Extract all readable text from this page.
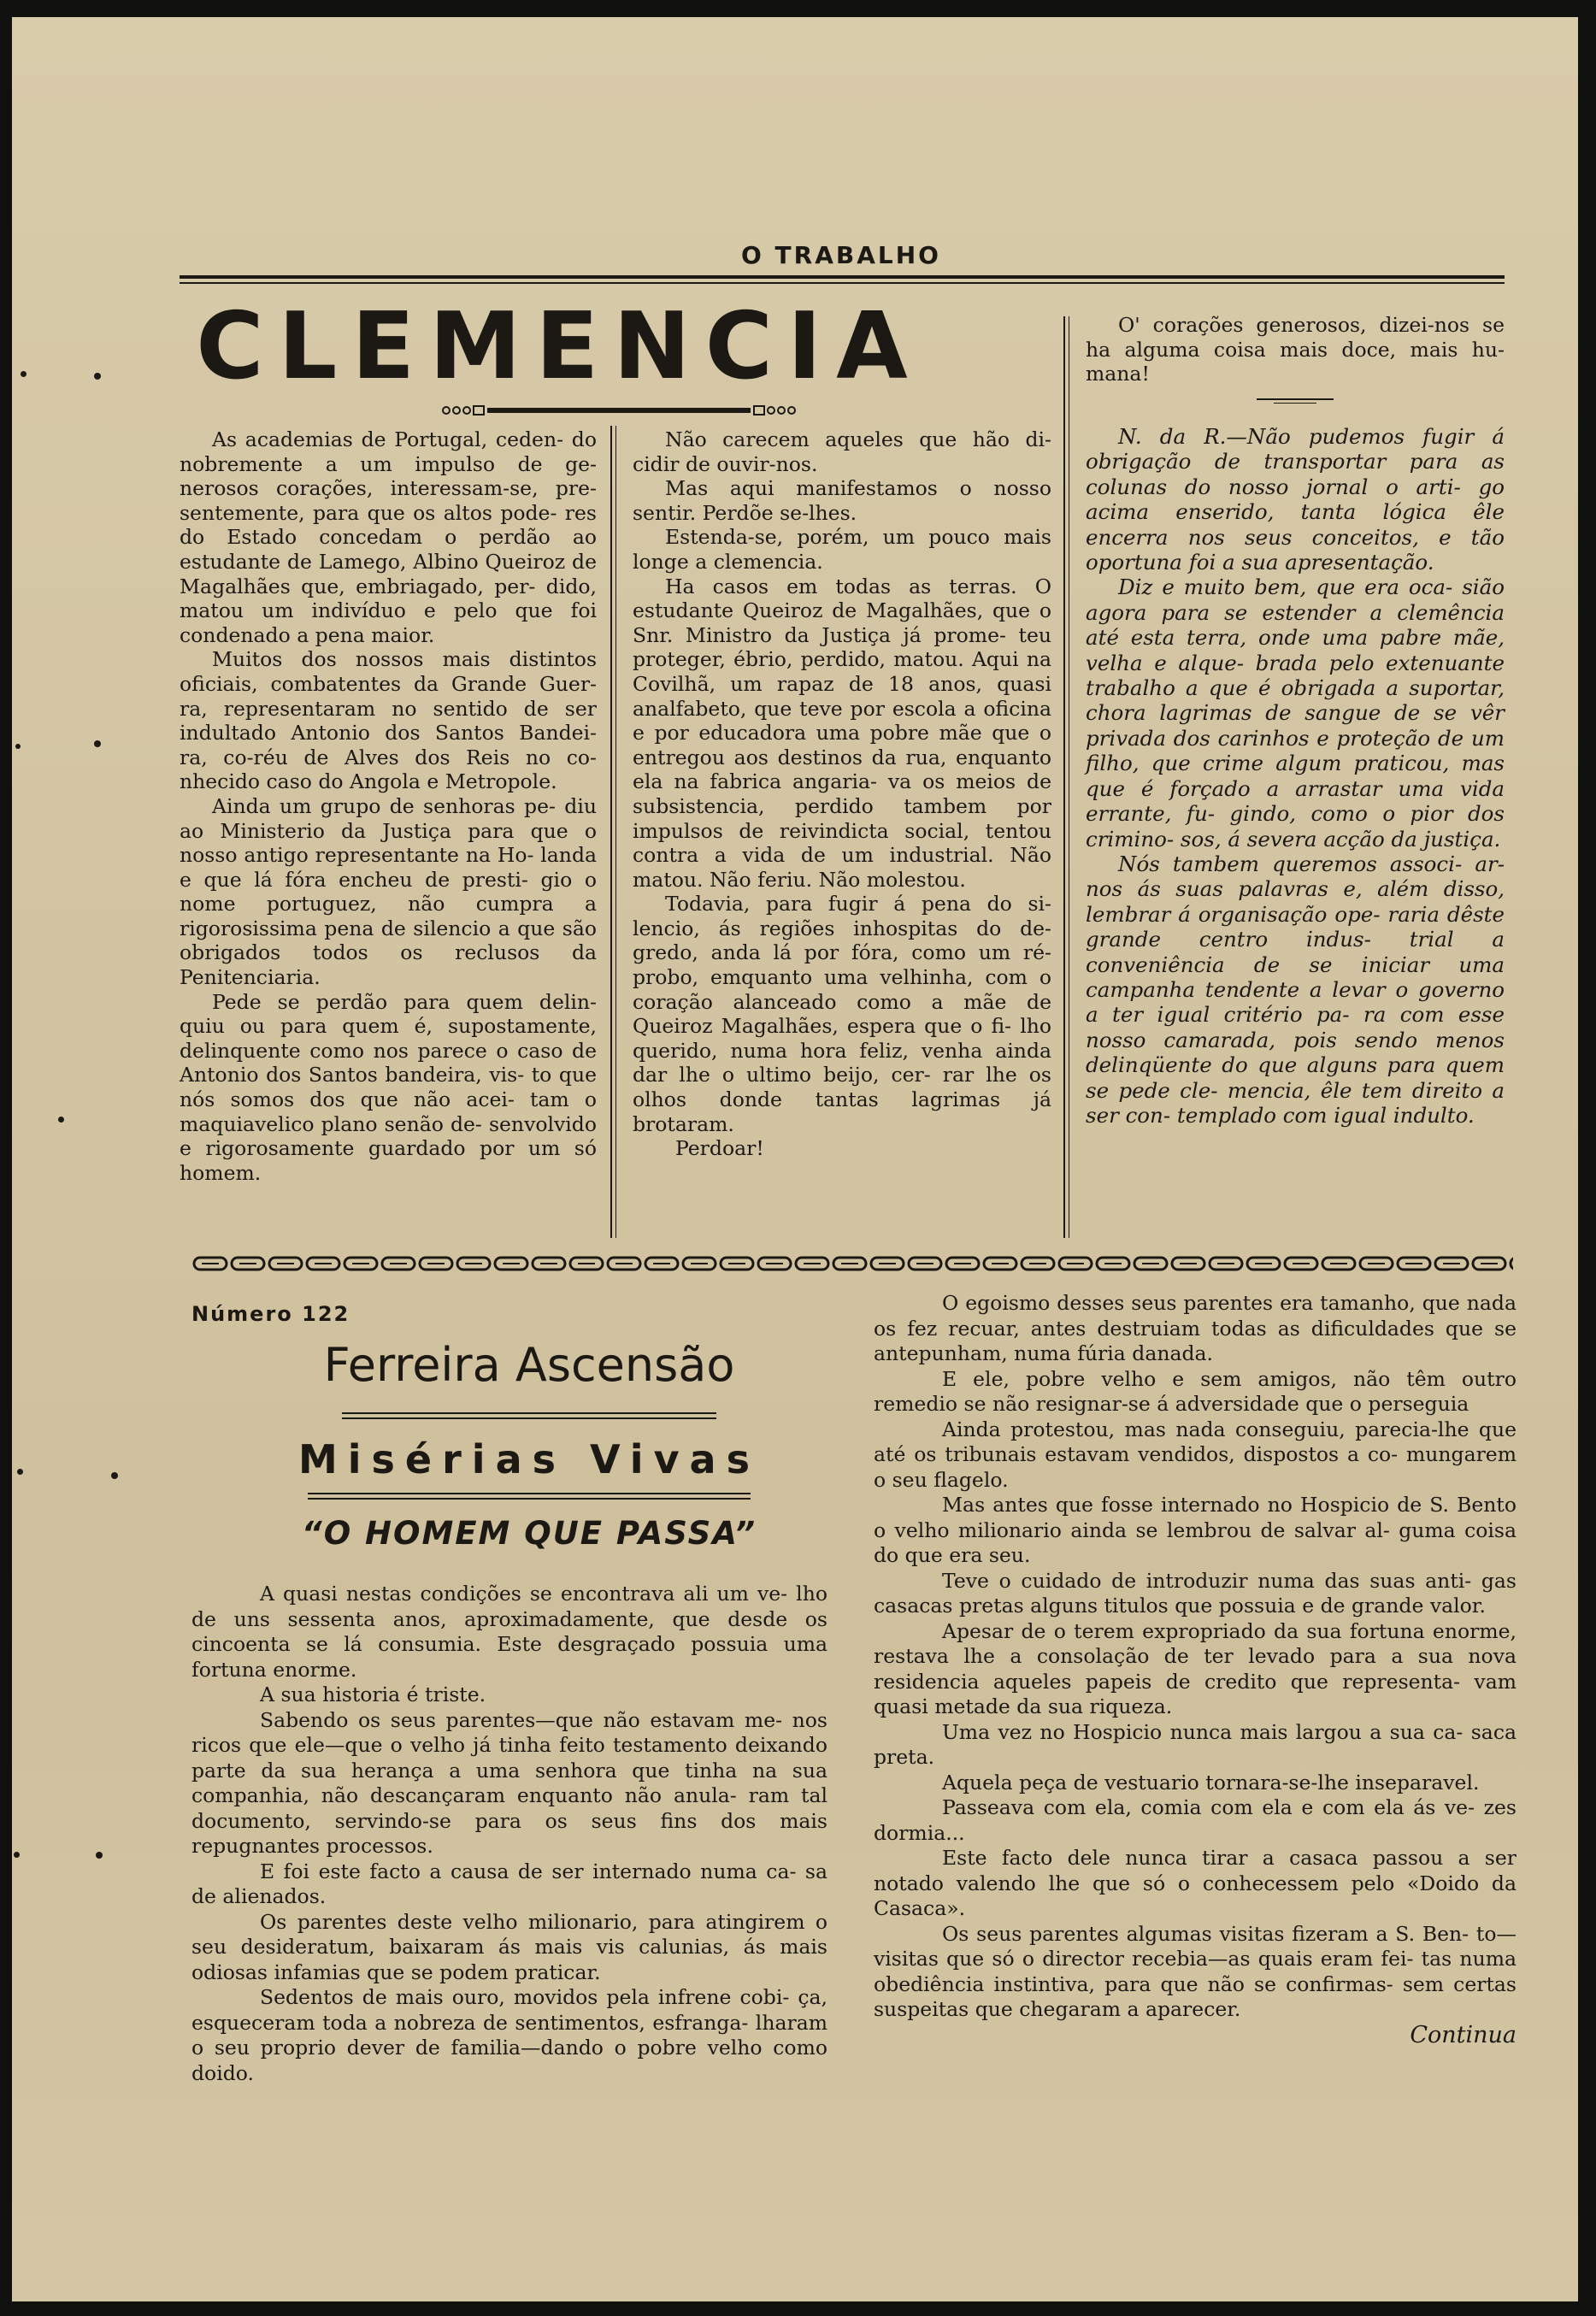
O TRABALHO
CLEMENCIA

As academias de Portugal, ceden- do nobremente a um impulso de ge- nerosos corações, interessam-se, pre- sentemente, para que os altos pode- res do Estado concedam o perdão ao estudante de Lamego, Albino Queiroz de Magalhães que, embriagado, per- dido, matou um indivíduo e pelo que foi condenado a pena maior.

Muitos dos nossos mais distintos oficiais, combatentes da Grande Guer- ra, representaram no sentido de ser indultado Antonio dos Santos Bandei- ra, co-réu de Alves dos Reis no co- nhecido caso do Angola e Metropole.

Ainda um grupo de senhoras pe- diu ao Ministerio da Justiça para que o nosso antigo representante na Ho- landa e que lá fóra encheu de presti- gio o nome portuguez, não cumpra a rigorosissima pena de silencio a que são obrigados todos os reclusos da Penitenciaria.

Pede se perdão para quem delin- quiu ou para quem é, supostamente, delinquente como nos parece o caso de Antonio dos Santos bandeira, vis- to que nós somos dos que não acei- tam o maquiavelico plano senão de- senvolvido e rigorosamente guardado por um só homem.

Não carecem aqueles que hão di- cidir de ouvir-nos.

Mas aqui manifestamos o nosso sentir. Perdõe se-lhes.

Estenda-se, porém, um pouco mais longe a clemencia.

Ha casos em todas as terras. O estudante Queiroz de Magalhães, que o Snr. Ministro da Justiça já prome- teu proteger, ébrio, perdido, matou. Aqui na Covilhã, um rapaz de 18 anos, quasi analfabeto, que teve por escola a oficina e por educadora uma pobre mãe que o entregou aos destinos da rua, enquanto ela na fabrica angaria- va os meios de subsistencia, perdido tambem por impulsos de reivindicta social, tentou contra a vida de um industrial. Não matou. Não feriu. Não molestou.

Todavia, para fugir á pena do si- lencio, ás regiões inhospitas do de- gredo, anda lá por fóra, como um ré- probo, emquanto uma velhinha, com o coração alanceado como a mãe de Queiroz Magalhães, espera que o fi- lho querido, numa hora feliz, venha ainda dar lhe o ultimo beijo, cer- rar lhe os olhos donde tantas lagrimas já brotaram.

Perdoar!

O' corações generosos, dizei-nos se ha alguma coisa mais doce, mais hu- mana!

N. da R.—Não pudemos fugir á obrigação de transportar para as colunas do nosso jornal o arti- go acima enserido, tanta lógica êle encerra nos seus conceitos, e tão oportuna foi a sua apresentação.

Diz e muito bem, que era oca- sião agora para se estender a clemência até esta terra, onde uma pabre mãe, velha e alque- brada pelo extenuante trabalho a que é obrigada a suportar, chora lagrimas de sangue de se vêr privada dos carinhos e proteção de um filho, que crime algum praticou, mas que é forçado a arrastar uma vida errante, fu- gindo, como o pior dos crimino- sos, á severa acção da justiça.

Nós tambem queremos associ- ar-nos ás suas palavras e, além disso, lembrar á organisação ope- raria dêste grande centro indus- trial a conveniência de se iniciar uma campanha tendente a levar o governo a ter igual critério pa- ra com esse nosso camarada, pois sendo menos delinqüente do que alguns para quem se pede cle- mencia, êle tem direito a ser con- templado com igual indulto.

Número 122
Ferreira Ascensão
Misérias Vivas
“O HOMEM QUE PASSA”

A quasi nestas condições se encontrava ali um ve- lho de uns sessenta anos, aproximadamente, que desde os cincoenta se lá consumia. Este desgraçado possuia uma fortuna enorme.

A sua historia é triste.

Sabendo os seus parentes—que não estavam me- nos ricos que ele—que o velho já tinha feito testamento deixando parte da sua herança a uma senhora que tinha na sua companhia, não descançaram enquanto não anula- ram tal documento, servindo-se para os seus fins dos mais repugnantes processos.

E foi este facto a causa de ser internado numa ca- sa de alienados.

Os parentes deste velho milionario, para atingirem o seu desideratum, baixaram ás mais vis calunias, ás mais odiosas infamias que se podem praticar.

Sedentos de mais ouro, movidos pela infrene cobi- ça, esqueceram toda a nobreza de sentimentos, esfranga- lharam o seu proprio dever de familia—dando o pobre velho como doido.

O egoismo desses seus parentes era tamanho, que nada os fez recuar, antes destruiam todas as dificuldades que se antepunham, numa fúria danada.

E ele, pobre velho e sem amigos, não têm outro remedio se não resignar-se á adversidade que o perseguia

Ainda protestou, mas nada conseguiu, parecia-lhe que até os tribunais estavam vendidos, dispostos a co- mungarem o seu flagelo.

Mas antes que fosse internado no Hospicio de S. Bento o velho milionario ainda se lembrou de salvar al- guma coisa do que era seu.

Teve o cuidado de introduzir numa das suas anti- gas casacas pretas alguns titulos que possuia e de grande valor.

Apesar de o terem expropriado da sua fortuna enorme, restava lhe a consolação de ter levado para a sua nova residencia aqueles papeis de credito que representa- vam quasi metade da sua riqueza.

Uma vez no Hospicio nunca mais largou a sua ca- saca preta.

Aquela peça de vestuario tornara-se-lhe inseparavel.

Passeava com ela, comia com ela e com ela ás ve- zes dormia...

Este facto dele nunca tirar a casaca passou a ser notado valendo lhe que só o conhecessem pelo «Doido da Casaca».

Os seus parentes algumas visitas fizeram a S. Ben- to—visitas que só o director recebia—as quais eram fei- tas numa obediência instintiva, para que não se confirmas- sem certas suspeitas que chegaram a aparecer.

Continua
